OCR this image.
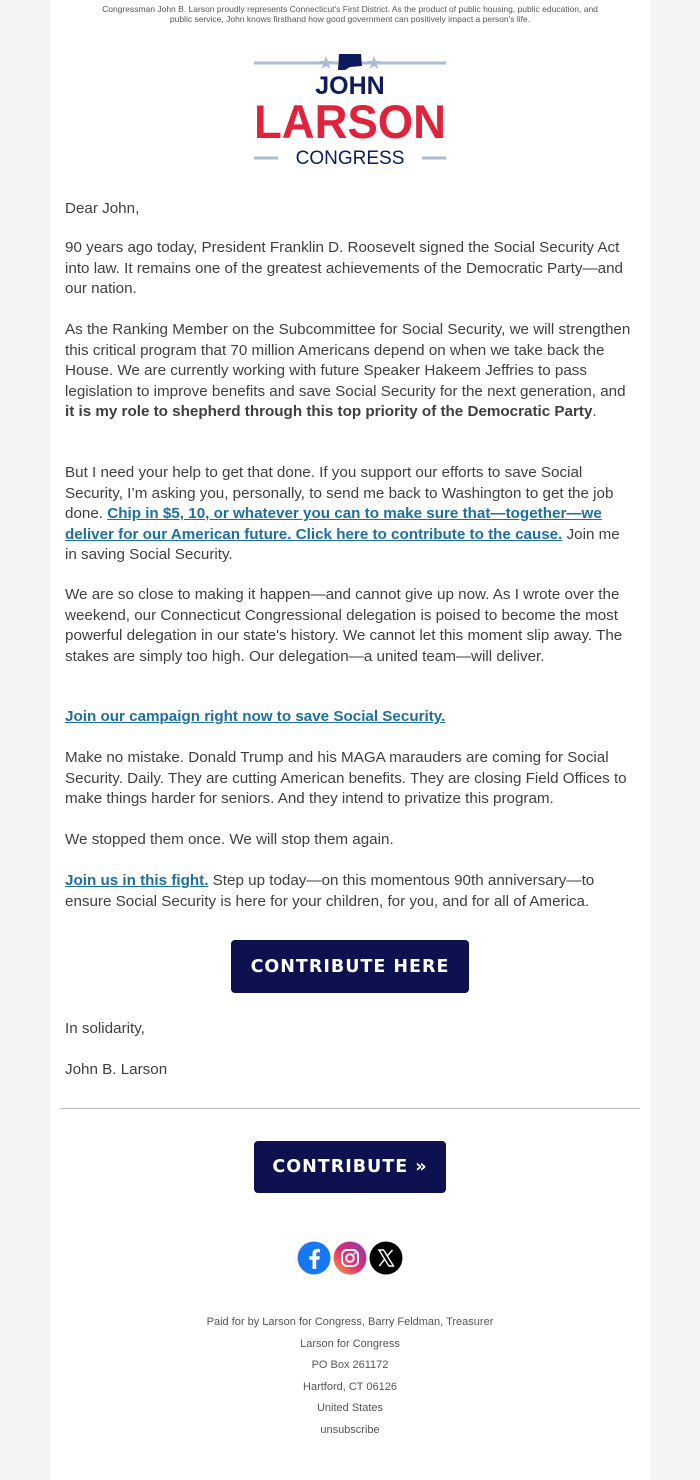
Congressman John B. Larson proudly represents Connecticut's First District. As the product of public housing, public education, and public service, John knows firsthand how good government can positively impact a person's life.
JOHN
LARSON
CONGRESS

Dear John,

90 years ago today, President Franklin D. Roosevelt signed the Social Security Act into law. It remains one of the greatest achievements of the Democratic Party—and our nation.

As the Ranking Member on the Subcommittee for Social Security, we will strengthen this critical program that 70 million Americans depend on when we take back the House. We are currently working with future Speaker Hakeem Jeffries to pass legislation to improve benefits and save Social Security for the next generation, and it is my role to shepherd through this top priority of the Democratic Party.

But I need your help to get that done. If you support our efforts to save Social Security, I’m asking you, personally, to send me back to Washington to get the job done. Chip in $5, 10, or whatever you can to make sure that—together—we deliver for our American future. Click here to contribute to the cause. Join me in saving Social Security.

We are so close to making it happen—and cannot give up now. As I wrote over the weekend, our Connecticut Congressional delegation is poised to become the most powerful delegation in our state's history. We cannot let this moment slip away. The stakes are simply too high. Our delegation—a united team—will deliver.

Join our campaign right now to save Social Security.

Make no mistake. Donald Trump and his MAGA marauders are coming for Social Security. Daily. They are cutting American benefits. They are closing Field Offices to make things harder for seniors. And they intend to privatize this program.

We stopped them once. We will stop them again.

Join us in this fight. Step up today—on this momentous 90th anniversary—to ensure Social Security is here for your children, for you, and for all of America.

CONTRIBUTE HERE

In solidarity,

John B. Larson

CONTRIBUTE »
Paid for by Larson for Congress, Barry Feldman, Treasurer
Larson for Congress
PO Box 261172
Hartford, CT 06126
United States
unsubscribe
